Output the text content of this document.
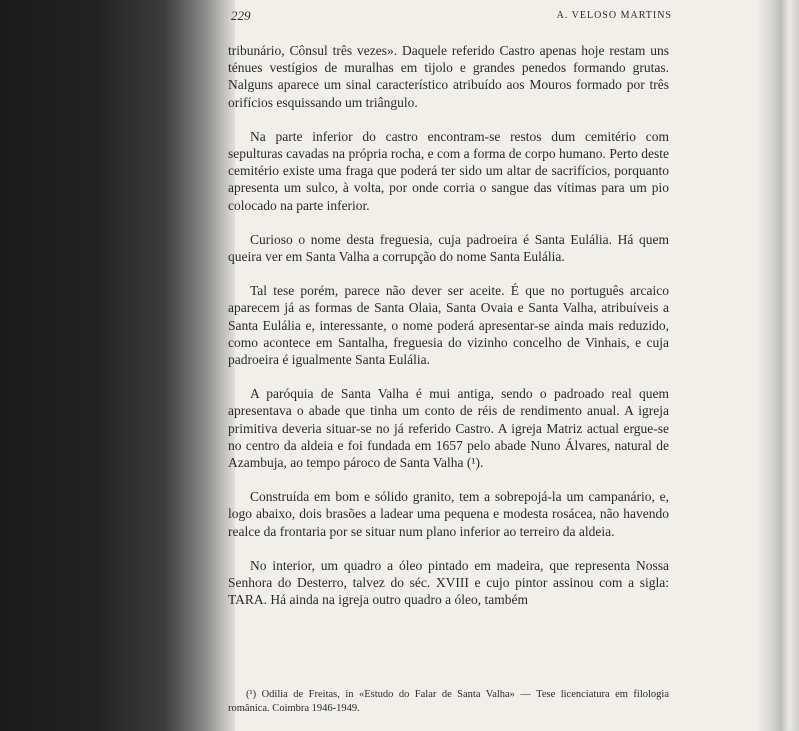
229	A. VELOSO MARTINS

tribunário, Cônsul três vezes». Daquele referido Castro apenas hoje restam uns ténues vestígios de muralhas em tijolo e grandes penedos formando grutas. Nalguns aparece um sinal característico atribuído aos Mouros formado por três orifícios esquissando um triângulo.

Na parte inferior do castro encontram-se restos dum cemitério com sepulturas cavadas na própria rocha, e com a forma de corpo humano. Perto deste cemitério existe uma fraga que poderá ter sido um altar de sacrifícios, porquanto apresenta um sulco, à volta, por onde corria o sangue das vítimas para um pio colocado na parte inferior.

Curioso o nome desta freguesia, cuja padroeira é Santa Eulália. Há quem queira ver em Santa Valha a corrupção do nome Santa Eulália.

Tal tese porém, parece não dever ser aceite. É que no português arcaico aparecem já as formas de Santa Olaia, Santa Ovaia e Santa Valha, atribuíveis a Santa Eulália e, interessante, o nome poderá apresentar-se ainda mais reduzido, como acontece em Santalha, freguesia do vizinho concelho de Vinhais, e cuja padroeira é igualmente Santa Eulália.

A paróquia de Santa Valha é mui antiga, sendo o padroado real quem apresentava o abade que tinha um conto de réis de rendimento anual. A igreja primitiva deveria situar-se no já referido Castro. A igreja Matriz actual ergue-se no centro da aldeia e foi fundada em 1657 pelo abade Nuno Álvares, natural de Azambuja, ao tempo pároco de Santa Valha (¹).

Construída em bom e sólido granito, tem a sobrepojá-la um campanário, e, logo abaixo, dois brasões a ladear uma pequena e modesta rosácea, não havendo realce da frontaria por se situar num plano inferior ao terreiro da aldeia.

No interior, um quadro a óleo pintado em madeira, que representa Nossa Senhora do Desterro, talvez do séc. XVIII e cujo pintor assinou com a sigla: TARA. Há ainda na igreja outro quadro a óleo, também

(¹) Odília de Freitas, in «Estudo do Falar de Santa Valha» — Tese licenciatura em filologia românica. Coimbra 1946-1949.
